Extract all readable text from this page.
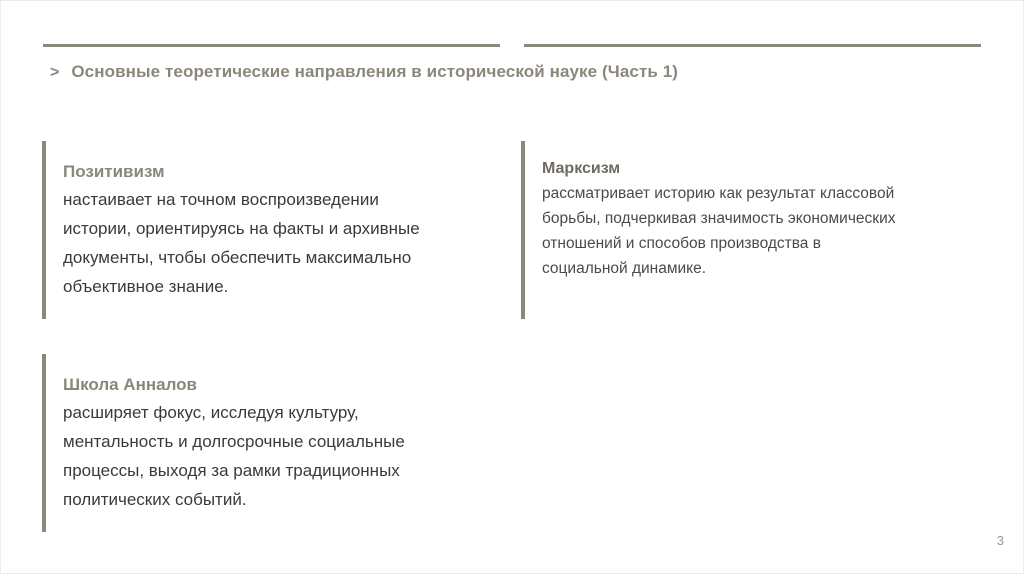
> Основные теоретические направления в исторической науке (Часть 1)
Позитивизм
настаивает на точном воспроизведении
истории, ориентируясь на факты и архивные
документы, чтобы обеспечить максимально
объективное знание.
Марксизм
рассматривает историю как результат классовой
борьбы, подчеркивая значимость экономических
отношений и способов производства в
социальной динамике.
Школа Анналов
расширяет фокус, исследуя культуру,
ментальность и долгосрочные социальные
процессы, выходя за рамки традиционных
политических событий.
3
